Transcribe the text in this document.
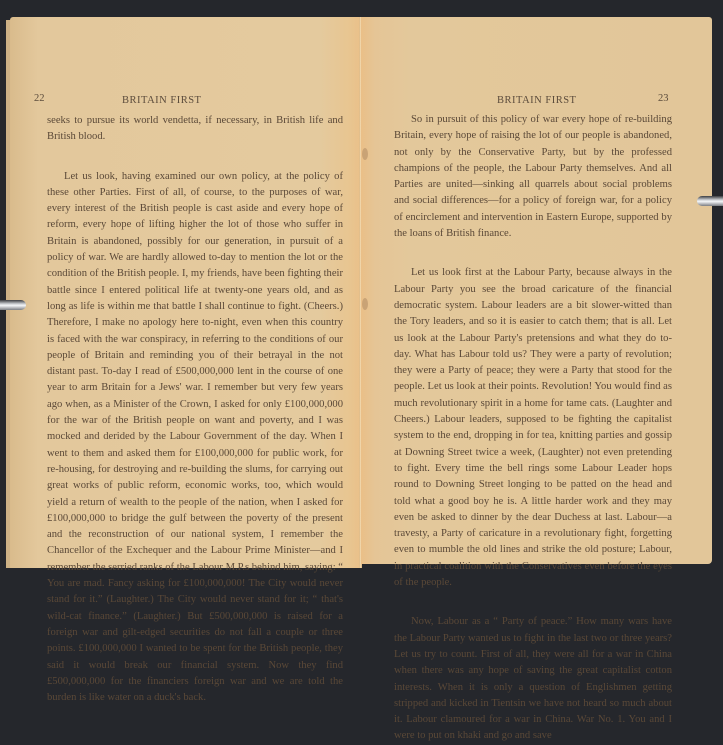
22	BRITAIN FIRST

seeks to pursue its world vendetta, if necessary, in British life and British blood.

Let us look, having examined our own policy, at the policy of these other Parties. First of all, of course, to the purposes of war, every interest of the British people is cast aside and every hope of reform, every hope of lifting higher the lot of those who suffer in Britain is abandoned, possibly for our generation, in pursuit of a policy of war. We are hardly allowed to-day to mention the lot or the condition of the British people. I, my friends, have been fighting their battle since I entered political life at twenty-one years old, and as long as life is within me that battle I shall continue to fight. (Cheers.) Therefore, I make no apology here to-night, even when this country is faced with the war conspiracy, in referring to the conditions of our people of Britain and reminding you of their betrayal in the not distant past. To-day I read of £500,000,000 lent in the course of one year to arm Britain for a Jews' war. I remember but very few years ago when, as a Minister of the Crown, I asked for only £100,000,000 for the war of the British people on want and poverty, and I was mocked and derided by the Labour Government of the day. When I went to them and asked them for £100,000,000 for public work, for re-housing, for destroying and re-building the slums, for carrying out great works of public reform, economic works, too, which would yield a return of wealth to the people of the nation, when I asked for £100,000,000 to bridge the gulf between the poverty of the present and the reconstruction of our national system, I remember the Chancellor of the Exchequer and the Labour Prime Minister—and I remember the serried ranks of the Labour M.P.s behind him, saying: “ You are mad. Fancy asking for £100,000,000! The City would never stand for it.” (Laughter.) The City would never stand for it; “ that's wild-cat finance.” (Laughter.) But £500,000,000 is raised for a foreign war and gilt-edged securities do not fall a couple or three points. £100,000,000 I wanted to be spent for the British people, they said it would break our financial system. Now they find £500,000,000 for the financiers foreign war and we are told the burden is like water on a duck's back.

BRITAIN FIRST	23

So in pursuit of this policy of war every hope of re-building Britain, every hope of raising the lot of our people is abandoned, not only by the Conservative Party, but by the professed champions of the people, the Labour Party themselves. And all Parties are united—sinking all quarrels about social problems and social differences—for a policy of foreign war, for a policy of encirclement and intervention in Eastern Europe, supported by the loans of British finance.

Let us look first at the Labour Party, because always in the Labour Party you see the broad caricature of the financial democratic system. Labour leaders are a bit slower-witted than the Tory leaders, and so it is easier to catch them; that is all. Let us look at the Labour Party's pretensions and what they do to-day. What has Labour told us? They were a party of revolution; they were a Party of peace; they were a Party that stood for the people. Let us look at their points. Revolution! You would find as much revolutionary spirit in a home for tame cats. (Laughter and Cheers.) Labour leaders, supposed to be fighting the capitalist system to the end, dropping in for tea, knitting parties and gossip at Downing Street twice a week, (Laughter) not even pretending to fight. Every time the bell rings some Labour Leader hops round to Downing Street longing to be patted on the head and told what a good boy he is. A little harder work and they may even be asked to dinner by the dear Duchess at last. Labour—a travesty, a Party of caricature in a revolutionary fight, forgetting even to mumble the old lines and strike the old posture; Labour, in practical coalition with the Conservatives even before the eyes of the people.

Now, Labour as a “ Party of peace.” How many wars have the Labour Party wanted us to fight in the last two or three years? Let us try to count. First of all, they were all for a war in China when there was any hope of saving the great capitalist cotton interests. When it is only a question of Englishmen getting stripped and kicked in Tientsin we have not heard so much about it. Labour clamoured for a war in China. War No. 1. You and I were to put on khaki and go and save
